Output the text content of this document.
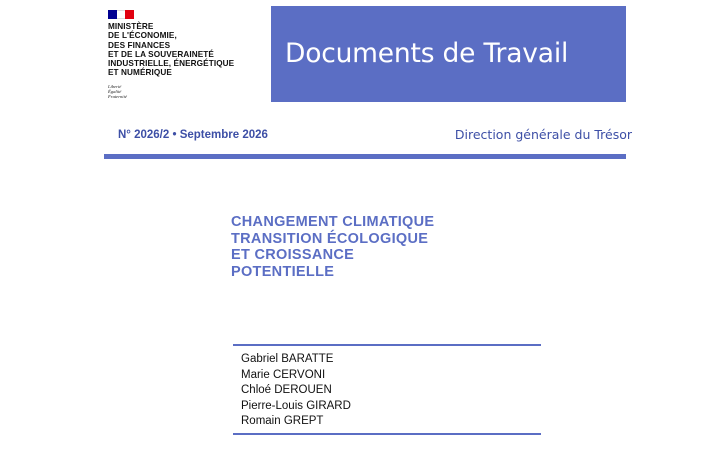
MINISTÈRE
DE L'ÉCONOMIE,
DES FINANCES
ET DE LA SOUVERAINETÉ
INDUSTRIELLE, ÉNERGÉTIQUE
ET NUMÉRIQUE
Liberté
Égalité
Fraternité
Documents de Travail
N° 2026/2 • Septembre 2026	Direction générale du Trésor
CHANGEMENT CLIMATIQUE
TRANSITION ÉCOLOGIQUE
ET CROISSANCE
POTENTIELLE
Gabriel BARATTE
Marie CERVONI
Chloé DEROUEN
Pierre-Louis GIRARD
Romain GREPT
